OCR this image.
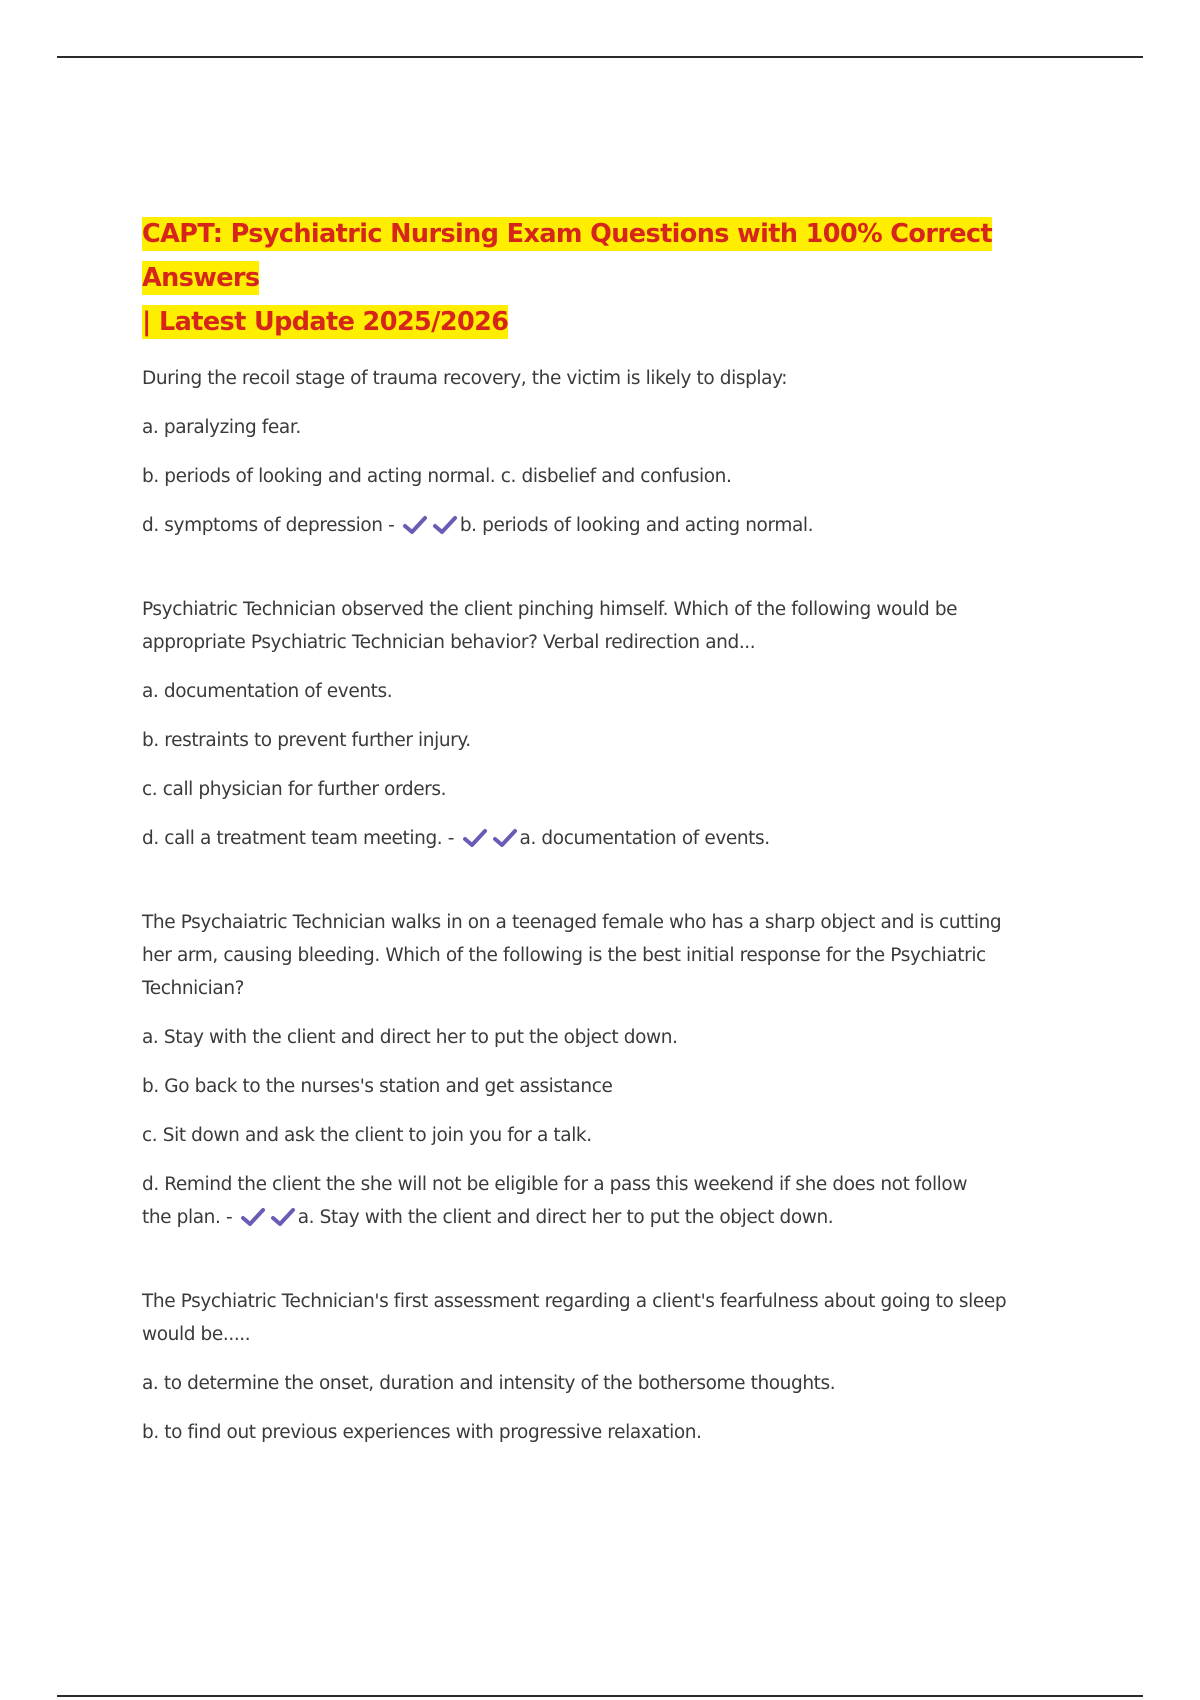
CAPT: Psychiatric Nursing Exam Questions with 100% Correct Answers
| Latest Update 2025/2026

During the recoil stage of trauma recovery, the victim is likely to display:

a. paralyzing fear.

b. periods of looking and acting normal. c. disbelief and confusion.

d. symptoms of depression -	b. periods of looking and acting normal.

Psychiatric Technician observed the client pinching himself. Which of the following would be

appropriate Psychiatric Technician behavior? Verbal redirection and...

a. documentation of events.

b. restraints to prevent further injury.

c. call physician for further orders.

d. call a treatment team meeting. -	a. documentation of events.

The Psychaiatric Technician walks in on a teenaged female who has a sharp object and is cutting

her arm, causing bleeding. Which of the following is the best initial response for the Psychiatric

Technician?

a. Stay with the client and direct her to put the object down.

b. Go back to the nurses's station and get assistance

c. Sit down and ask the client to join you for a talk.

d. Remind the client the she will not be eligible for a pass this weekend if she does not follow

the plan. -	a. Stay with the client and direct her to put the object down.

The Psychiatric Technician's first assessment regarding a client's fearfulness about going to sleep

would be.....

a. to determine the onset, duration and intensity of the bothersome thoughts.

b. to find out previous experiences with progressive relaxation.
